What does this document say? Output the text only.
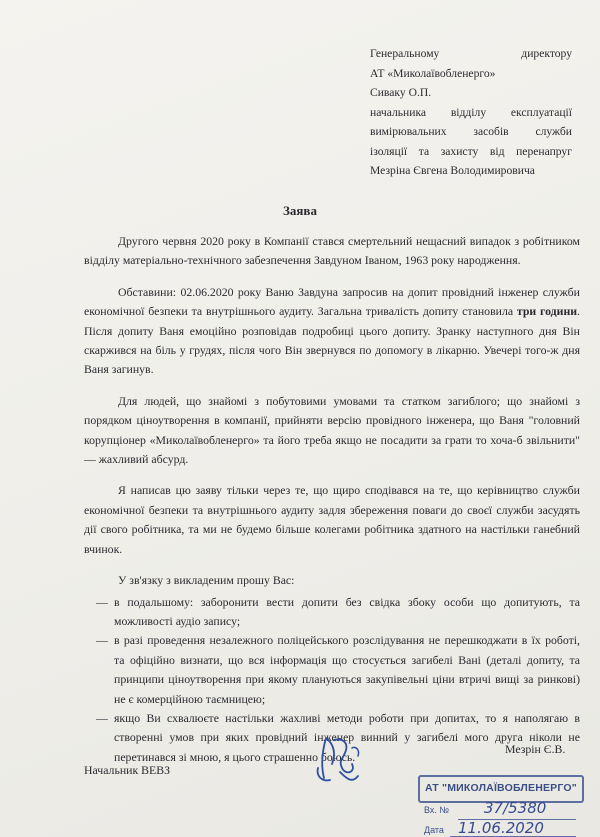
Генеральному директору
АТ «Миколаївобленерго»
Сиваку О.П.
начальника відділу експлуатації
вимірювальних засобів служби
ізоляції та захисту від перенапруг
Мезріна Євгена Володимировича
Заява

Другого червня 2020 року в Компанії стався смертельний нещасний випадок з робітником відділу матеріально-технічного забезпечення Завдуном Іваном, 1963 року народження.

Обставини: 02.06.2020 року Ваню Завдуна запросив на допит провідний інженер служби економічної безпеки та внутрішнього аудиту. Загальна тривалість допиту становила три години. Після допиту Ваня емоційно розповідав подробиці цього допиту. Зранку наступного дня Він скаржився на біль у грудях, після чого Він звернувся по допомогу в лікарню. Увечері того-ж дня Ваня загинув.

Для людей, що знайомі з побутовими умовами та статком загиблого; що знайомі з порядком ціноутворення в компанії, прийняти версію провідного інженера, що Ваня "головний корупціонер «Миколаївобленерго» та його треба якщо не посадити за грати то хоча-б звільнити" — жахливий абсурд.

Я написав цю заяву тільки через те, що щиро сподівався на те, що керівництво служби економічної безпеки та внутрішнього аудиту задля збереження поваги до своєї служби засудять дії свого робітника, та ми не будемо більше колегами робітника здатного на настільки ганебний вчинок.

У зв'язку з викладеним прошу Вас:

— в подальшому: заборонити вести допити без свідка збоку особи що допитують, та можливості аудіо запису;
— в разі проведення незалежного поліцейського розслідування не перешкоджати в їх роботі, та офіційно визнати, що вся інформація що стосується загибелі Вані (деталі допиту, та принципи ціноутворення при якому плануються закупівельні ціни втричі вищі за ринкові) не є комерційною таємницею;
— якщо Ви схвалюєте настільки жахливі методи роботи при допитах, то я наполягаю в створенні умов при яких провідний інженер винний у загибелі мого друга ніколи не перетинався зі мною, я цього страшенно боюсь.
Начальник ВЕВЗ
Мезрін Є.В.
АТ "МИКОЛАЇВОБЛЕНЕРГО"
Вх. № 37/5380
Дата 11.06.2020
